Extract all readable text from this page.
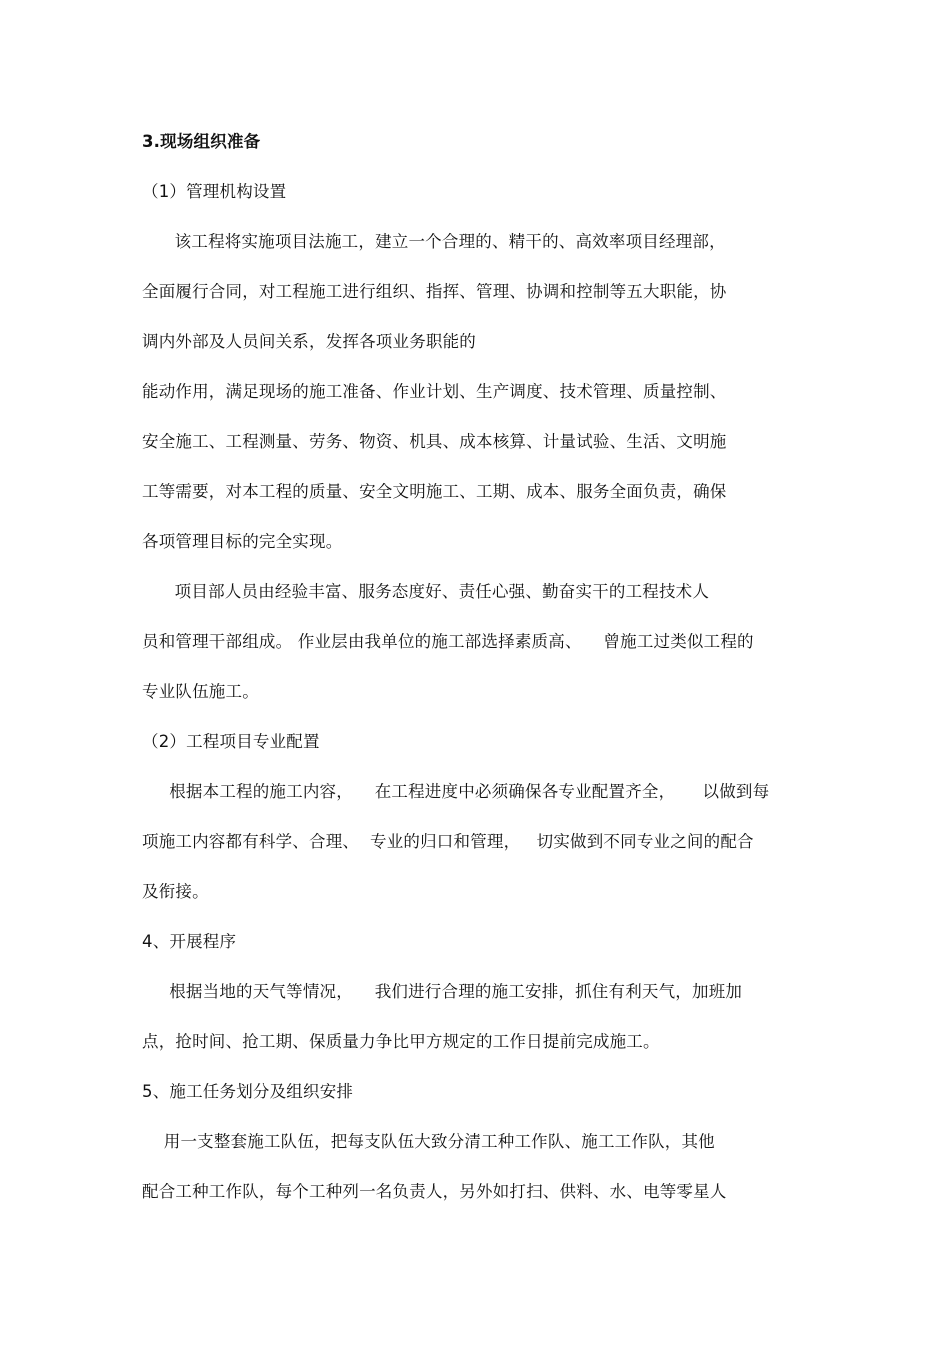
3.现场组织准备
（1）管理机构设置
该工程将实施项目法施工，建立一个合理的、精干的、高效率项目经理部，
全面履行合同，对工程施工进行组织、指挥、管理、协调和控制等五大职能，协
调内外部及人员间关系，发挥各项业务职能的
能动作用，满足现场的施工准备、作业计划、生产调度、技术管理、质量控制、
安全施工、工程测量、劳务、物资、机具、成本核算、计量试验、生活、文明施
工等需要，对本工程的质量、安全文明施工、工期、成本、服务全面负责，确保
各项管理目标的完全实现。
项目部人员由经验丰富、服务态度好、责任心强、勤奋实干的工程技术人
员和管理干部组成。 作业层由我单位的施工部选择素质高、    曾施工过类似工程的
专业队伍施工。
（2）工程项目专业配置
根据本工程的施工内容，    在工程进度中必须确保各专业配置齐全，     以做到每
项施工内容都有科学、合理、  专业的归口和管理，   切实做到不同专业之间的配合
及衔接。
4、开展程序
根据当地的天气等情况，    我们进行合理的施工安排，抓住有利天气，加班加
点，抢时间、抢工期、保质量力争比甲方规定的工作日提前完成施工。
5、施工任务划分及组织安排
用一支整套施工队伍，把每支队伍大致分清工种工作队、施工工作队，其他
配合工种工作队，每个工种列一名负责人，另外如打扫、供料、水、电等零星人
